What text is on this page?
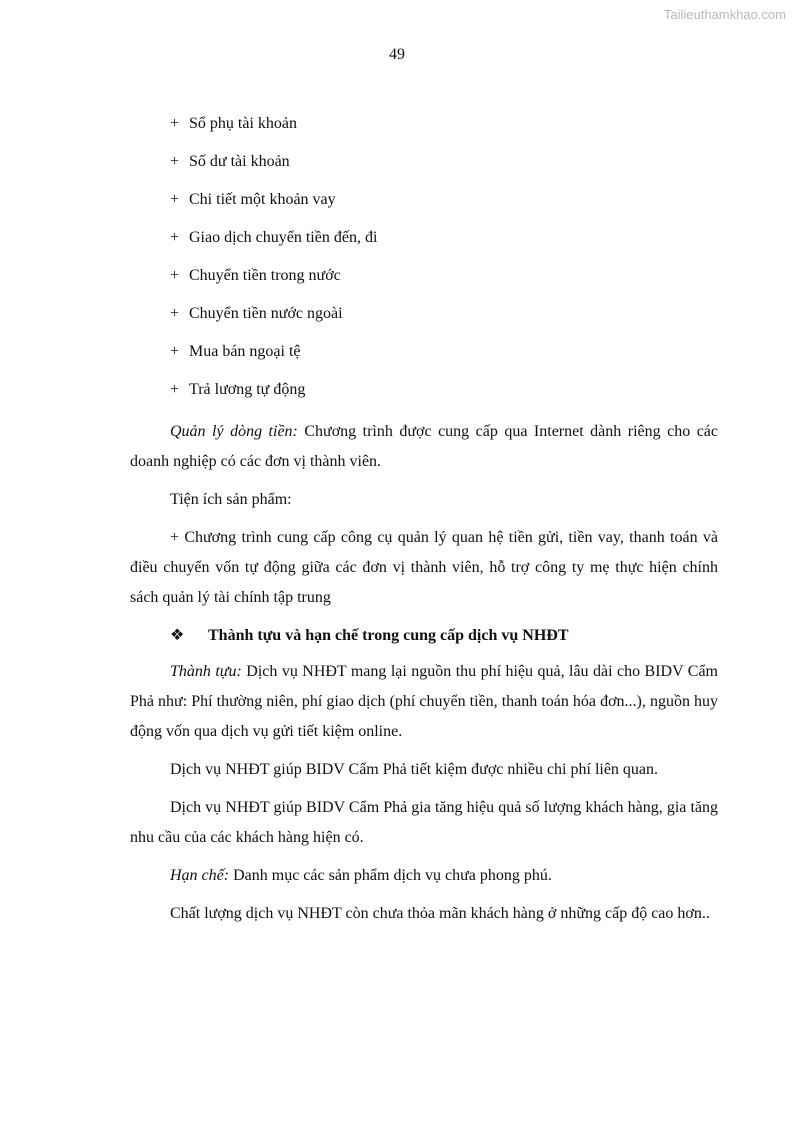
Tailieuthamkhao.com
49
+ Sổ phụ tài khoản
+ Số dư tài khoản
+ Chi tiết một khoản vay
+ Giao dịch chuyển tiền đến, đi
+ Chuyển tiền trong nước
+ Chuyển tiền nước ngoài
+ Mua bán ngoại tệ
+ Trả lương tự động

Quản lý dòng tiền: Chương trình được cung cấp qua Internet dành riêng cho các doanh nghiệp có các đơn vị thành viên.

Tiện ích sản phẩm:

+ Chương trình cung cấp công cụ quản lý quan hệ tiền gửi, tiền vay, thanh toán và điều chuyển vốn tự động giữa các đơn vị thành viên, hỗ trợ công ty mẹ thực hiện chính sách quản lý tài chính tập trung

❖	Thành tựu và hạn chế trong cung cấp dịch vụ NHĐT

Thành tựu: Dịch vụ NHĐT mang lại nguồn thu phí hiệu quả, lâu dài cho BIDV Cẩm Phả như: Phí thường niên, phí giao dịch (phí chuyển tiền, thanh toán hóa đơn...), nguồn huy động vốn qua dịch vụ gửi tiết kiệm online.

Dịch vụ NHĐT giúp BIDV Cẩm Phả tiết kiệm được nhiều chi phí liên quan.

Dịch vụ NHĐT giúp BIDV Cẩm Phả gia tăng hiệu quả số lượng khách hàng, gia tăng nhu cầu của các khách hàng hiện có.

Hạn chế: Danh mục các sản phẩm dịch vụ chưa phong phú.

Chất lượng dịch vụ NHĐT còn chưa thỏa mãn khách hàng ở những cấp độ cao hơn..
